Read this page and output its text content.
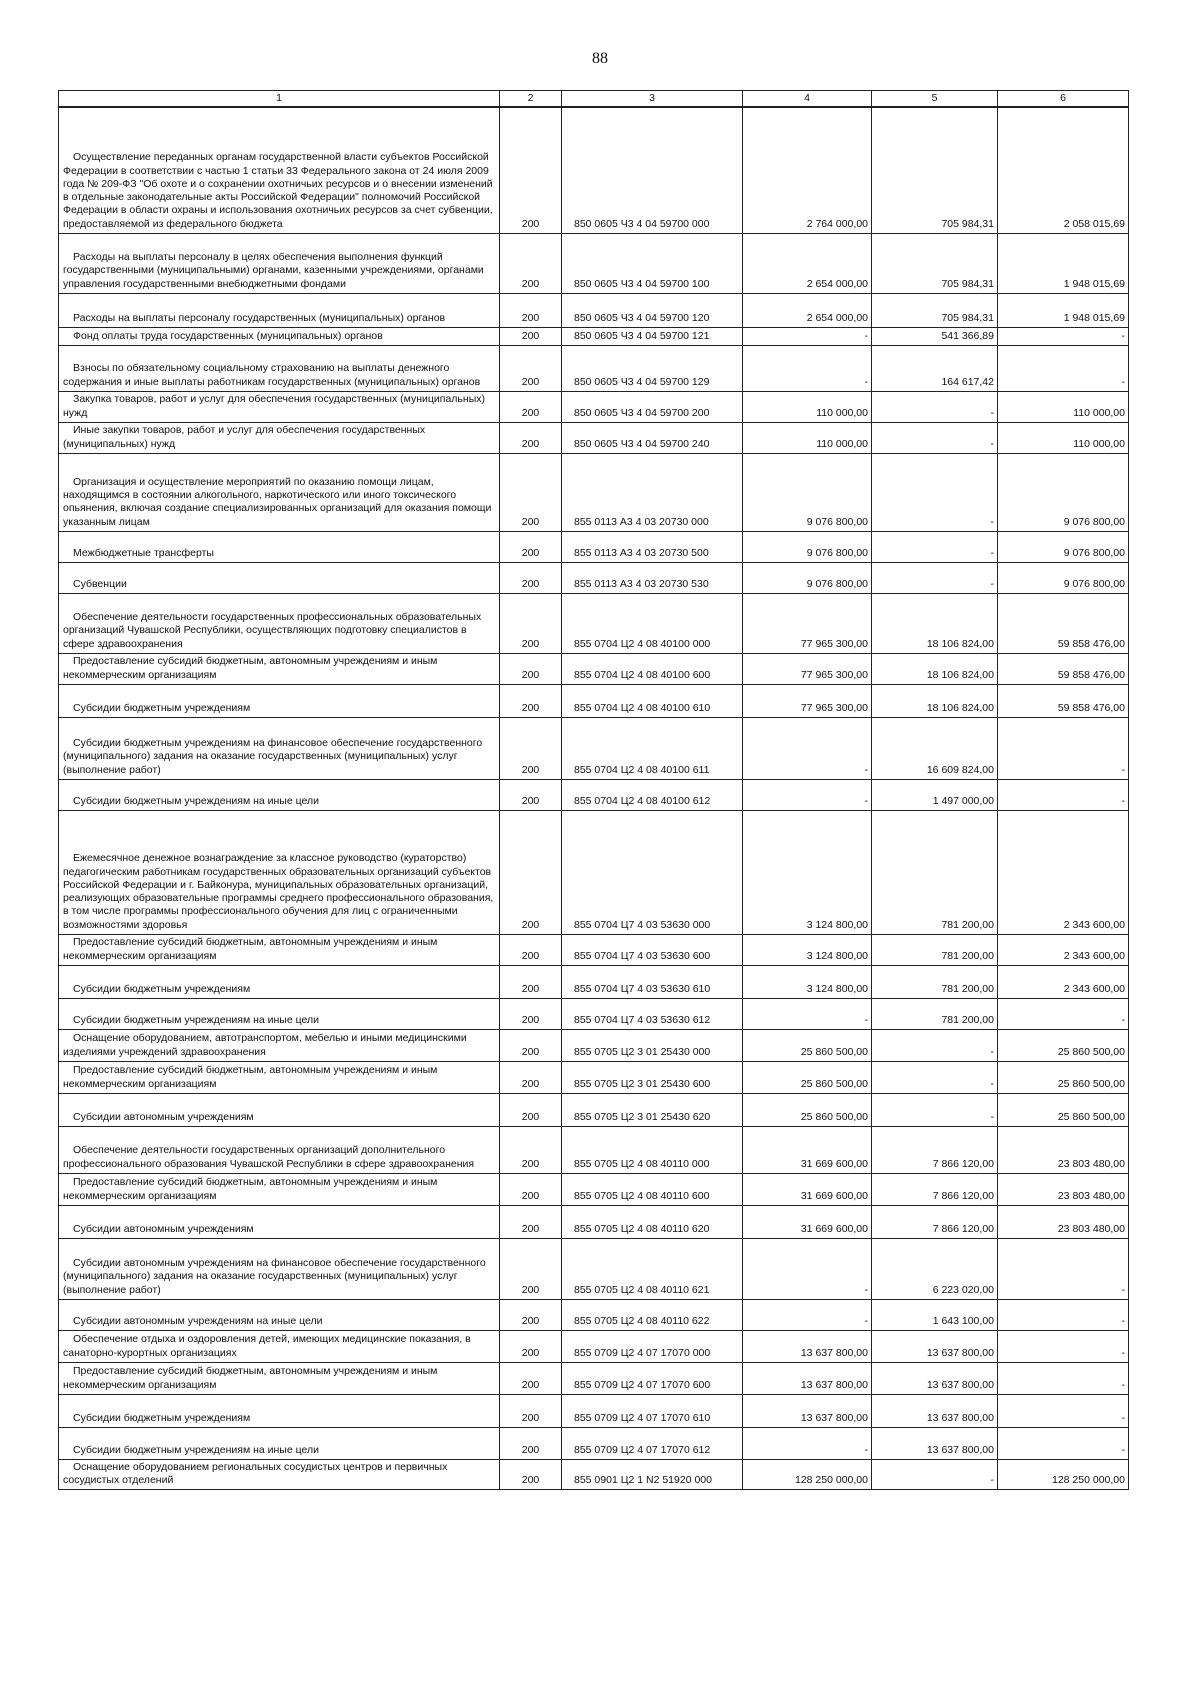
88
1	2	3	4	5	6

Осуществление переданных органам государственной власти субъектов Российской Федерации в соответствии с частью 1 статьи 33 Федерального закона от 24 июля 2009 года № 209-ФЗ "Об охоте и о сохранении охотничьих ресурсов и о внесении изменений в отдельные законодательные акты Российской Федерации" полномочий Российской Федерации в области охраны и использования охотничьих ресурсов за счет субвенции, предоставляемой из федерального бюджета	200	850 0605 Ч3 4 04 59700 000	2 764 000,00	705 984,31	2 058 015,69

Расходы на выплаты персоналу в целях обеспечения выполнения функций государственными (муниципальными) органами, казенными учреждениями, органами управления государственными внебюджетными фондами	200	850 0605 Ч3 4 04 59700 100	2 654 000,00	705 984,31	1 948 015,69

Расходы на выплаты персоналу государственных (муниципальных) органов	200	850 0605 Ч3 4 04 59700 120	2 654 000,00	705 984,31	1 948 015,69

Фонд оплаты труда государственных (муниципальных) органов	200	850 0605 Ч3 4 04 59700 121	-	541 366,89	-

Взносы по обязательному социальному страхованию на выплаты денежного содержания и иные выплаты работникам государственных (муниципальных) органов	200	850 0605 Ч3 4 04 59700 129	-	164 617,42	-

Закупка товаров, работ и услуг для обеспечения государственных (муниципальных) нужд	200	850 0605 Ч3 4 04 59700 200	110 000,00	-	110 000,00

Иные закупки товаров, работ и услуг для обеспечения государственных (муниципальных) нужд	200	850 0605 Ч3 4 04 59700 240	110 000,00	-	110 000,00

Организация и осуществление мероприятий по оказанию помощи лицам, находящимся в состоянии алкогольного, наркотического или иного токсического опьянения, включая создание специализированных организаций для оказания помощи указанным лицам	200	855 0113 А3 4 03 20730 000	9 076 800,00	-	9 076 800,00

Межбюджетные трансферты	200	855 0113 А3 4 03 20730 500	9 076 800,00	-	9 076 800,00

Субвенции	200	855 0113 А3 4 03 20730 530	9 076 800,00	-	9 076 800,00

Обеспечение деятельности государственных профессиональных образовательных организаций Чувашской Республики, осуществляющих подготовку специалистов в сфере здравоохранения	200	855 0704 Ц2 4 08 40100 000	77 965 300,00	18 106 824,00	59 858 476,00

Предоставление субсидий бюджетным, автономным учреждениям и иным некоммерческим организациям	200	855 0704 Ц2 4 08 40100 600	77 965 300,00	18 106 824,00	59 858 476,00

Субсидии бюджетным учреждениям	200	855 0704 Ц2 4 08 40100 610	77 965 300,00	18 106 824,00	59 858 476,00

Субсидии бюджетным учреждениям на финансовое обеспечение государственного (муниципального) задания на оказание государственных (муниципальных) услуг (выполнение работ)	200	855 0704 Ц2 4 08 40100 611	-	16 609 824,00	-

Субсидии бюджетным учреждениям на иные цели	200	855 0704 Ц2 4 08 40100 612	-	1 497 000,00	-

Ежемесячное денежное вознаграждение за классное руководство (кураторство) педагогическим работникам государственных образовательных организаций субъектов Российской Федерации и г. Байконура, муниципальных образовательных организаций, реализующих образовательные программы среднего профессионального образования, в том числе программы профессионального обучения для лиц с ограниченными возможностями здоровья	200	855 0704 Ц7 4 03 53630 000	3 124 800,00	781 200,00	2 343 600,00

Предоставление субсидий бюджетным, автономным учреждениям и иным некоммерческим организациям	200	855 0704 Ц7 4 03 53630 600	3 124 800,00	781 200,00	2 343 600,00

Субсидии бюджетным учреждениям	200	855 0704 Ц7 4 03 53630 610	3 124 800,00	781 200,00	2 343 600,00

Субсидии бюджетным учреждениям на иные цели	200	855 0704 Ц7 4 03 53630 612	-	781 200,00	-

Оснащение оборудованием, автотранспортом, мебелью и иными медицинскими изделиями учреждений здравоохранения	200	855 0705 Ц2 3 01 25430 000	25 860 500,00	-	25 860 500,00

Предоставление субсидий бюджетным, автономным учреждениям и иным некоммерческим организациям	200	855 0705 Ц2 3 01 25430 600	25 860 500,00	-	25 860 500,00

Субсидии автономным учреждениям	200	855 0705 Ц2 3 01 25430 620	25 860 500,00	-	25 860 500,00

Обеспечение деятельности государственных организаций дополнительного профессионального образования Чувашской Республики в сфере здравоохранения	200	855 0705 Ц2 4 08 40110 000	31 669 600,00	7 866 120,00	23 803 480,00

Предоставление субсидий бюджетным, автономным учреждениям и иным некоммерческим организациям	200	855 0705 Ц2 4 08 40110 600	31 669 600,00	7 866 120,00	23 803 480,00

Субсидии автономным учреждениям	200	855 0705 Ц2 4 08 40110 620	31 669 600,00	7 866 120,00	23 803 480,00

Субсидии автономным учреждениям на финансовое обеспечение государственного (муниципального) задания на оказание государственных (муниципальных) услуг (выполнение работ)	200	855 0705 Ц2 4 08 40110 621	-	6 223 020,00	-

Субсидии автономным учреждениям на иные цели	200	855 0705 Ц2 4 08 40110 622	-	1 643 100,00	-

Обеспечение отдыха и оздоровления детей, имеющих медицинские показания, в санаторно-курортных организациях	200	855 0709 Ц2 4 07 17070 000	13 637 800,00	13 637 800,00	-

Предоставление субсидий бюджетным, автономным учреждениям и иным некоммерческим организациям	200	855 0709 Ц2 4 07 17070 600	13 637 800,00	13 637 800,00	-

Субсидии бюджетным учреждениям	200	855 0709 Ц2 4 07 17070 610	13 637 800,00	13 637 800,00	-

Субсидии бюджетным учреждениям на иные цели	200	855 0709 Ц2 4 07 17070 612	-	13 637 800,00	-

Оснащение оборудованием региональных сосудистых центров и первичных сосудистых отделений	200	855 0901 Ц2 1 N2 51920 000	128 250 000,00	-	128 250 000,00
